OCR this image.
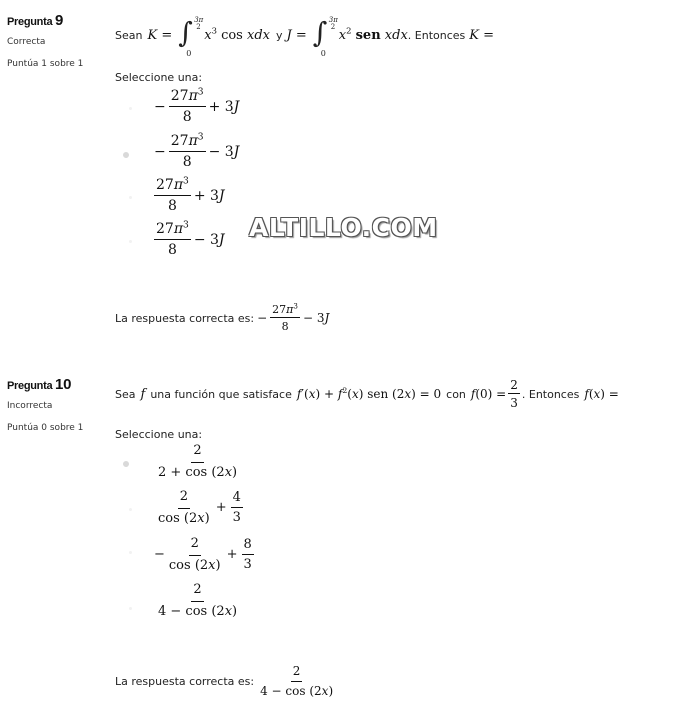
Pregunta 9
Correcta
Puntúa 1 sobre 1
Sean K = ∫ 3π
2
0
$x^3$ cos xdx y J = ∫ 3π
2
0
$x^2$ sen xdx . Entonces K =
Seleccione una:
− $\frac{27\pi^3}{8} + 3J$
− $\frac{27\pi^3}{8} - 3J$
$\frac{27\pi^3}{8} + 3J$
$\frac{27\pi^3}{8} - 3J$ ALTILLO.COM
La respuesta correcta es: − $\frac{27\pi^3}{8} - 3J$
Pregunta 10
Incorrecta
Puntúa 0 sobre 1
Sea f una función que satisface $f'(x) + f^2(x)$ sen (2x) = 0 con $f(0) = \frac{2}{3}$ . Entonces f(x) =
Seleccione una:
$\frac{2}{2 + \cos (2x)}$
$\frac{2}{\cos (2x)} + \frac{4}{3}$
− $\frac{2}{\cos (2x)} + \frac{8}{3}$
$\frac{2}{4 - \cos (2x)}$
La respuesta correcta es: $\frac{2}{4 - \cos (2x)}$
